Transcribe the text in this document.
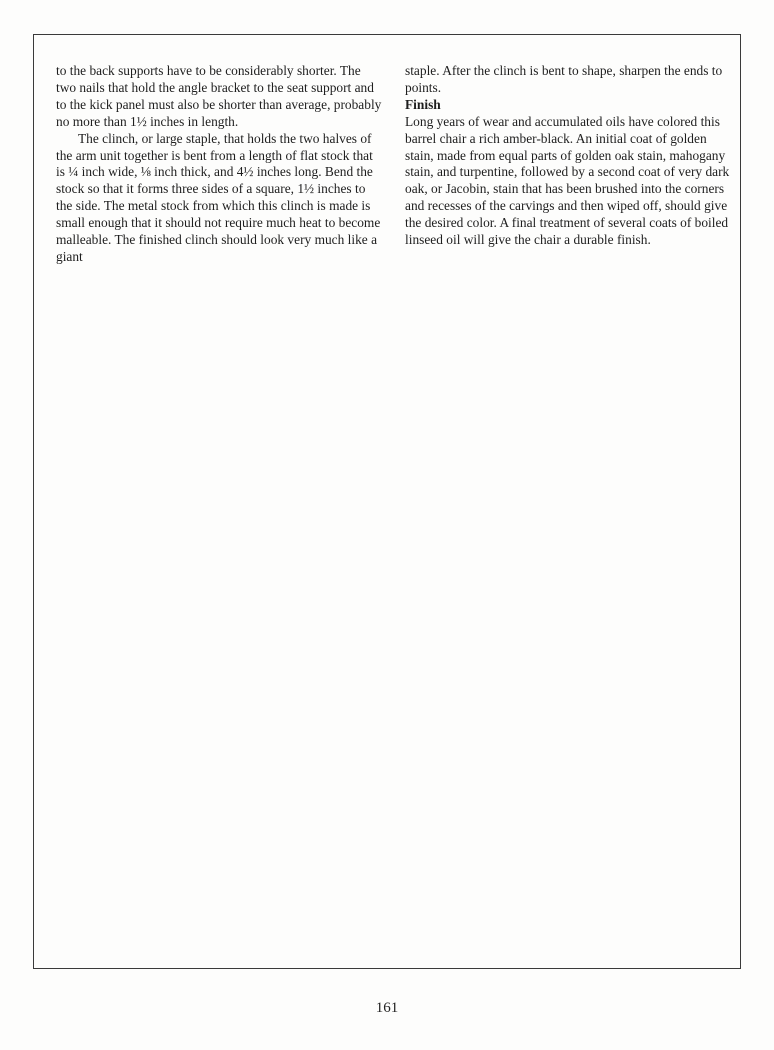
to the back supports have to be considerably shorter. The two nails that hold the angle bracket to the seat support and to the kick panel must also be shorter than average, probably no more than 1½ inches in length.

The clinch, or large staple, that holds the two halves of the arm unit together is bent from a length of flat stock that is ¼ inch wide, ⅛ inch thick, and 4½ inches long. Bend the stock so that it forms three sides of a square, 1½ inches to the side. The metal stock from which this clinch is made is small enough that it should not require much heat to become malleable. The finished clinch should look very much like a giant

staple. After the clinch is bent to shape, sharpen the ends to points.

Finish

Long years of wear and accumulated oils have colored this barrel chair a rich amber-black. An initial coat of golden stain, made from equal parts of golden oak stain, mahogany stain, and turpentine, followed by a second coat of very dark oak, or Jacobin, stain that has been brushed into the corners and recesses of the carvings and then wiped off, should give the desired color. A final treatment of several coats of boiled linseed oil will give the chair a durable finish.

161
